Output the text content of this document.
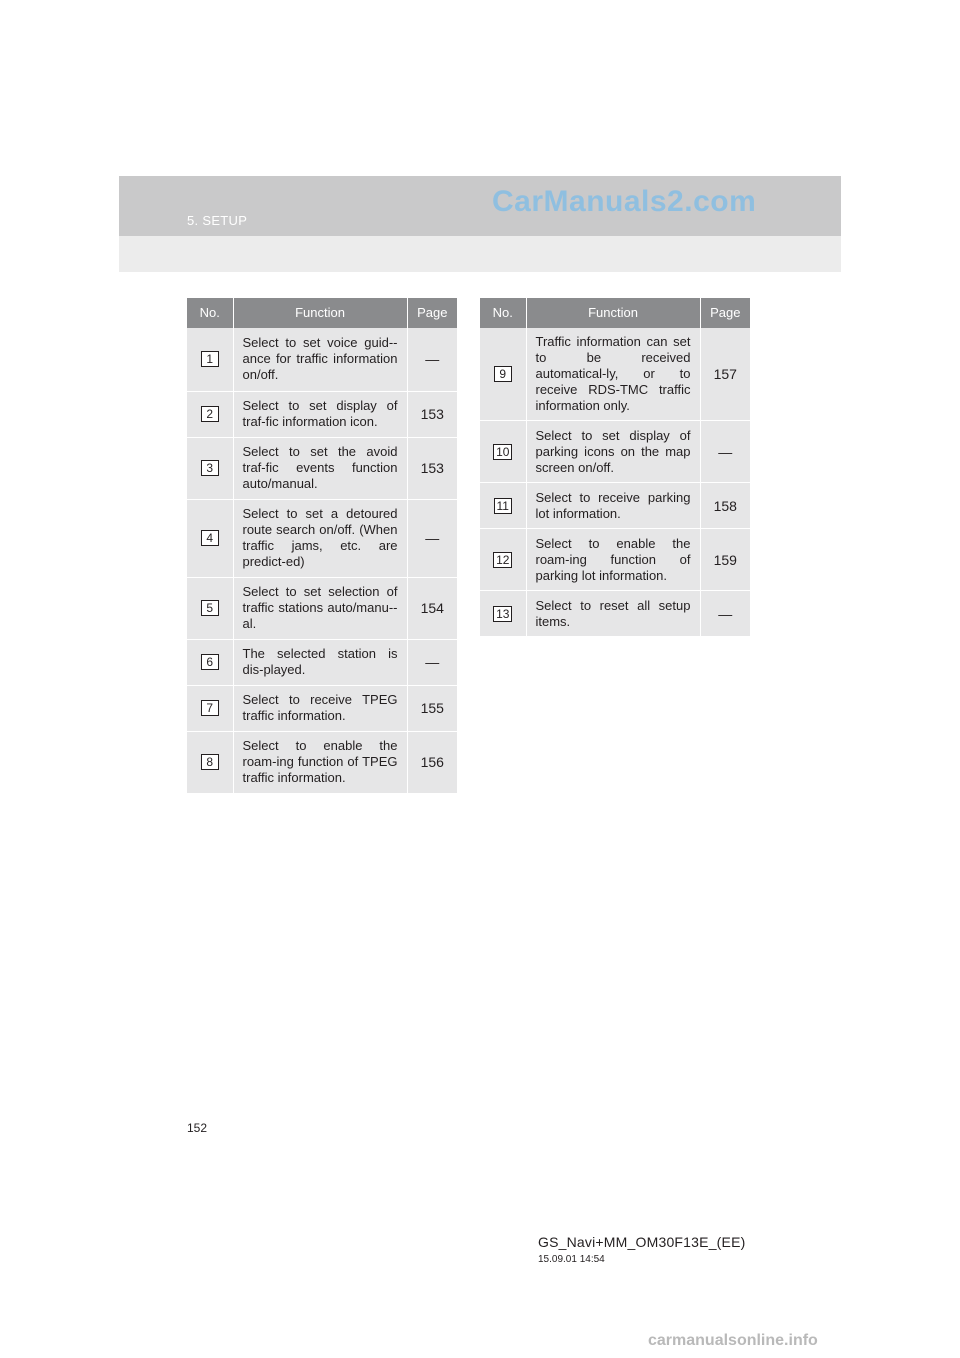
5. SETUP
CarManuals2.com
No.	Function	Page
1	Select to set voice guid-ance for traffic information on/off.	—
2	Select to set display of traf-fic information icon.	153
3	Select to set the avoid traf-fic events function auto/manual.	153
4	Select to set a detoured route search on/off. (When traffic jams, etc. are predict-ed)	—
5	Select to set selection of traffic stations auto/manu-al.	154
6	The selected station is dis-played.	—
7	Select to receive TPEG traffic information.	155
8	Select to enable the roam-ing function of TPEG traffic information.	156
No.	Function	Page
9	Traffic information can set to be received automatical-ly, or to receive RDS-TMC traffic information only.	157
10	Select to set display of parking icons on the map screen on/off.	—
11	Select to receive parking lot information.	158
12	Select to enable the roam-ing function of parking lot information.	159
13	Select to reset all setup items.	—
152
GS_Navi+MM_OM30F13E_(EE)
15.09.01 14:54
carmanualsonline.info
